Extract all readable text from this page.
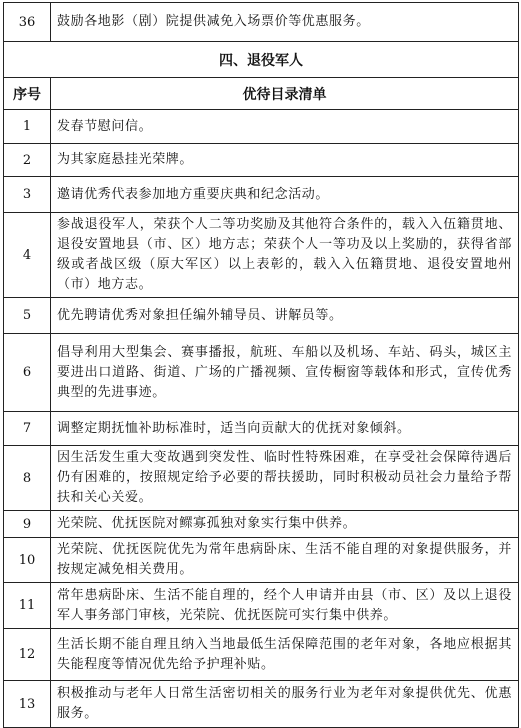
36	鼓励各地影（剧）院提供减免入场票价等优惠服务。
四、退役军人	
序号	优待目录清单
1	发春节慰问信。
2	为其家庭悬挂光荣牌。
3	邀请优秀代表参加地方重要庆典和纪念活动。
4	参战退役军人，荣获个人二等功奖励及其他符合条件的，载入入伍籍贯地、退役安置地县（市、区）地方志；荣获个人一等功及以上奖励的，获得省部级或者战区级（原大军区）以上表彰的，载入入伍籍贯地、退役安置地州（市）地方志。
5	优先聘请优秀对象担任编外辅导员、讲解员等。
6	倡导利用大型集会、赛事播报，航班、车船以及机场、车站、码头，城区主要进出口道路、街道、广场的广播视频、宣传橱窗等载体和形式，宣传优秀典型的先进事迹。
7	调整定期抚恤补助标准时，适当向贡献大的优抚对象倾斜。
8	因生活发生重大变故遇到突发性、临时性特殊困难，在享受社会保障待遇后仍有困难的，按照规定给予必要的帮扶援助，同时积极动员社会力量给予帮扶和关心关爱。
9	光荣院、优抚医院对鳏寡孤独对象实行集中供养。
10	光荣院、优抚医院优先为常年患病卧床、生活不能自理的对象提供服务，并按规定减免相关费用。
11	常年患病卧床、生活不能自理的，经个人申请并由县（市、区）及以上退役军人事务部门审核，光荣院、优抚医院可实行集中供养。
12	生活长期不能自理且纳入当地最低生活保障范围的老年对象，各地应根据其失能程度等情况优先给予护理补贴。
13	积极推动与老年人日常生活密切相关的服务行业为老年对象提供优先、优惠服务。
